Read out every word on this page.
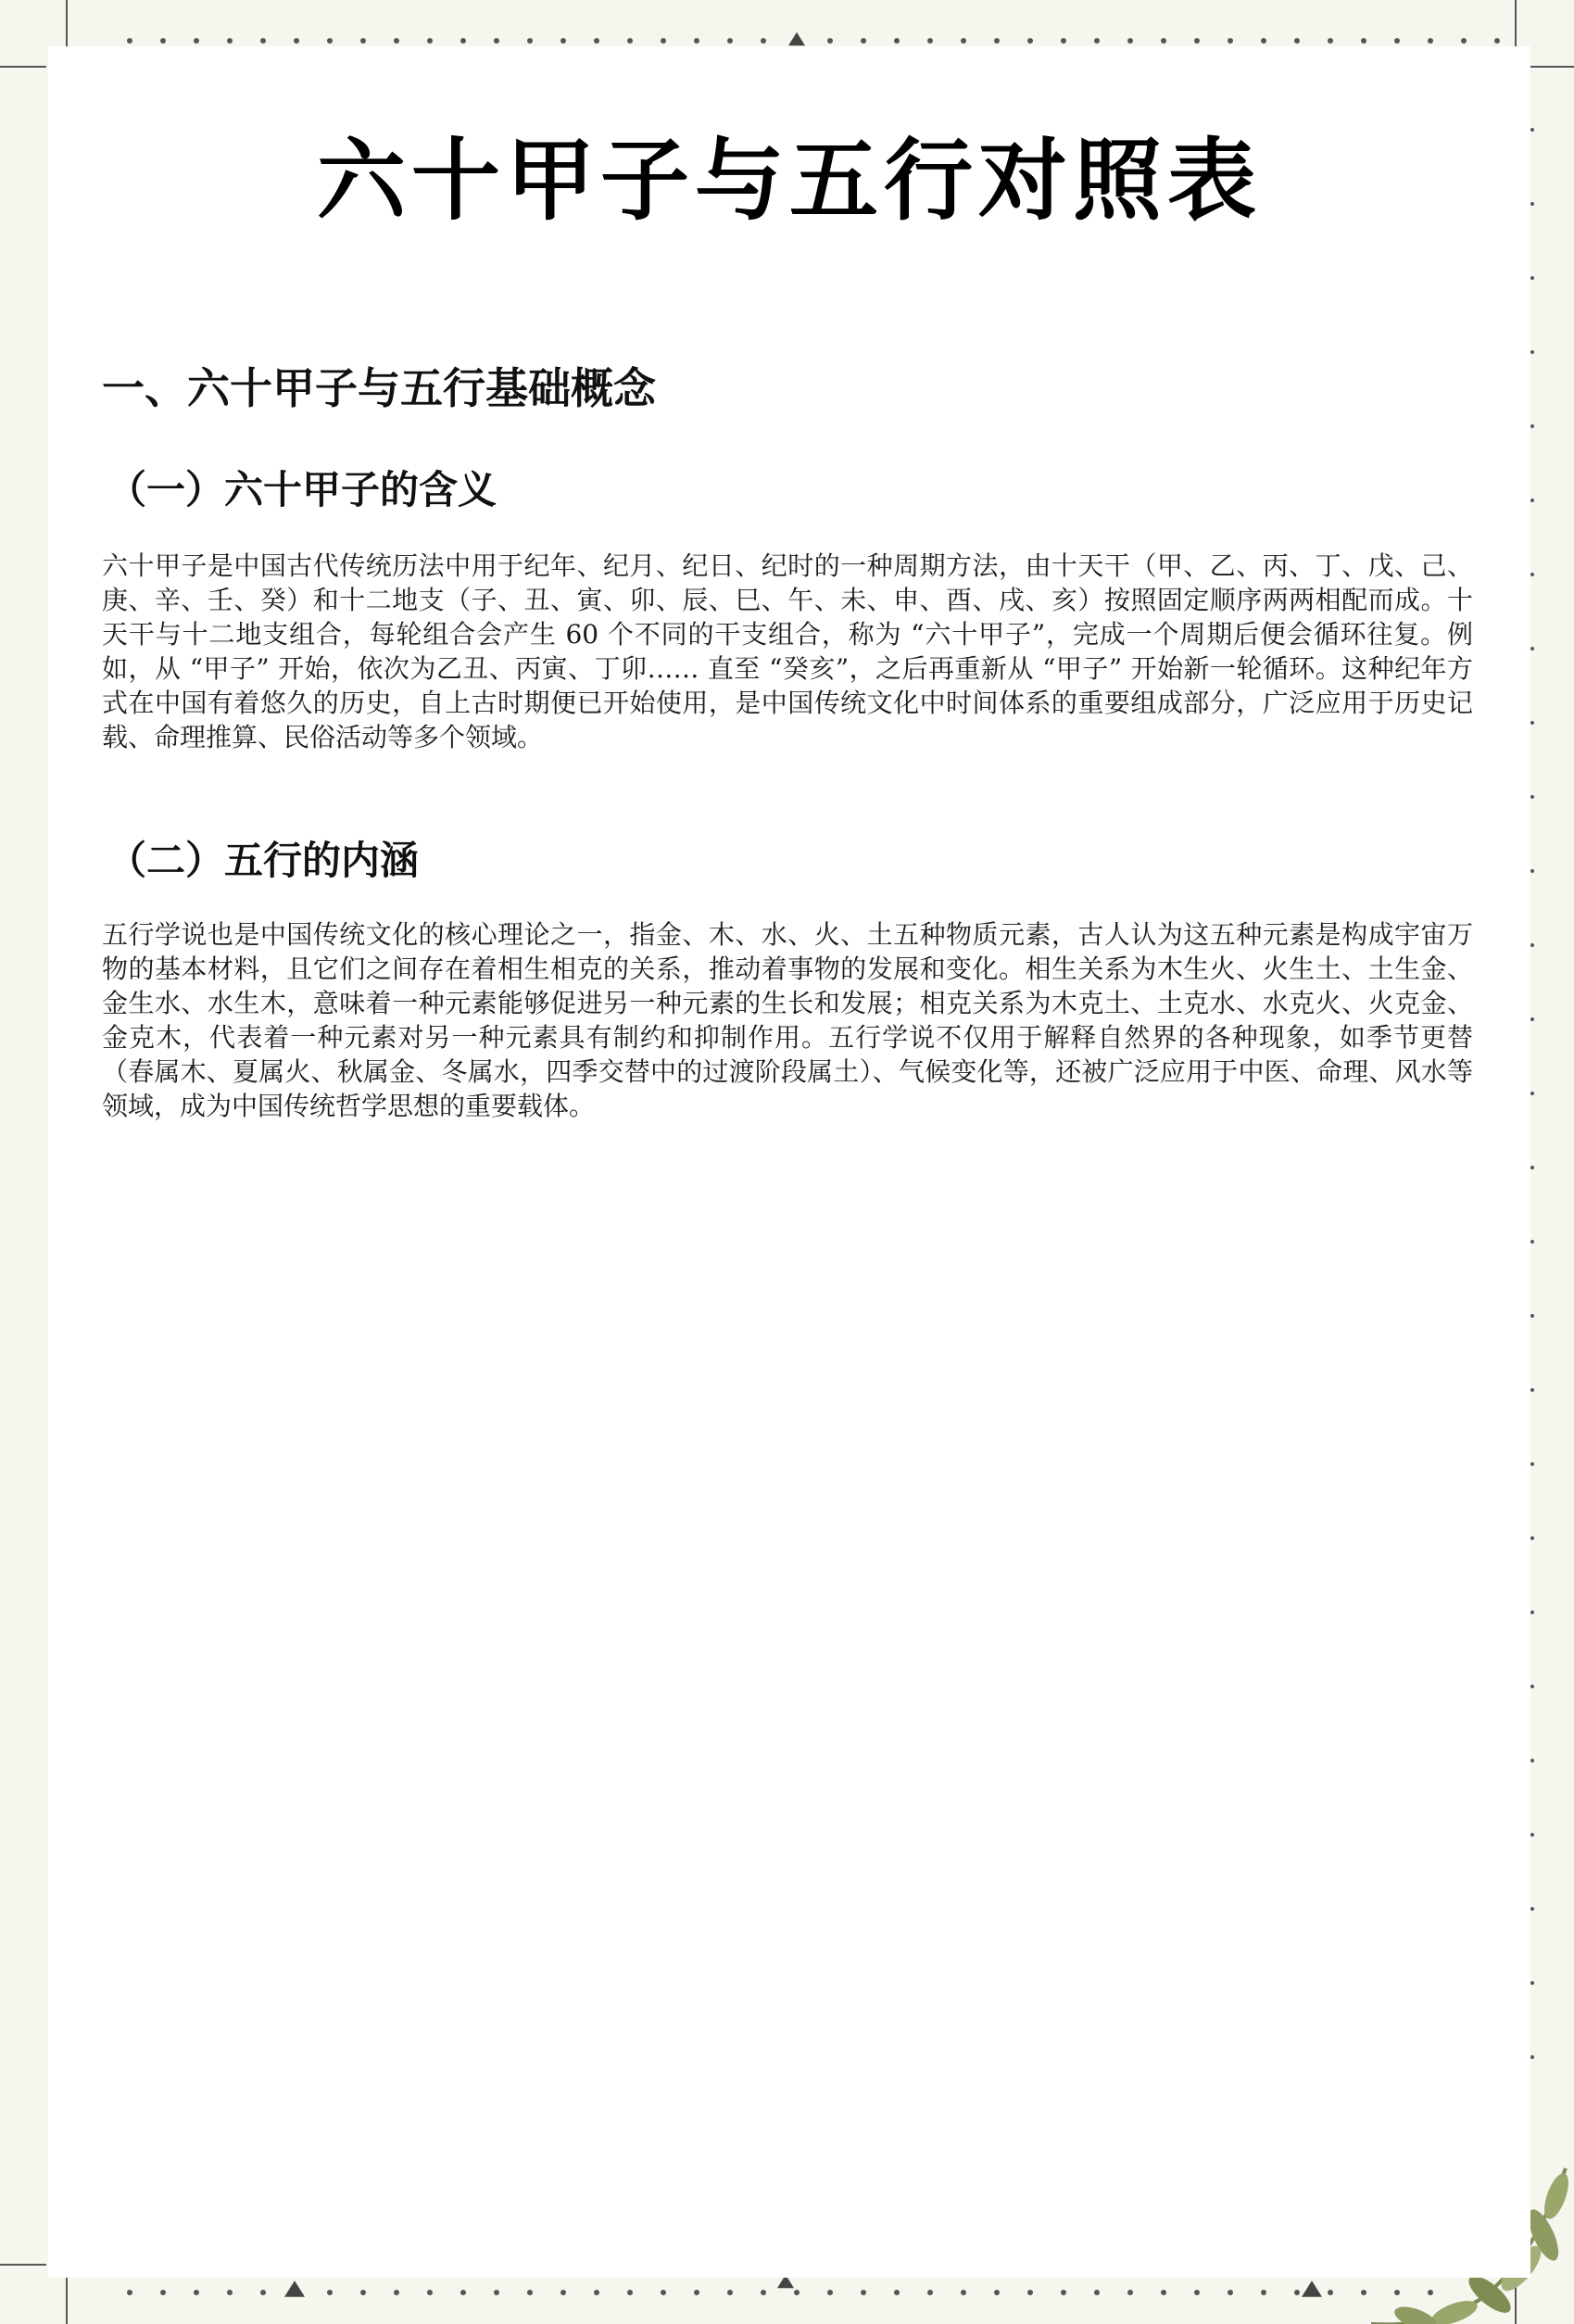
六十甲子与五行对照表
一、六十甲子与五行基础概念
（一）六十甲子的含义

六十甲子是中国古代传统历法中用于纪年、纪月、纪日、纪时的一种周期方法，由十天干（甲、乙、丙、丁、戊、己、庚、辛、壬、癸）和十二地支（子、丑、寅、卯、辰、巳、午、未、申、酉、戌、亥）按照固定顺序两两相配而成。十天干与十二地支组合，每轮组合会产生 60 个不同的干支组合，称为 “六十甲子”，完成一个周期后便会循环往复。例如，从 “甲子” 开始，依次为乙丑、丙寅、丁卯…… 直至 “癸亥”，之后再重新从 “甲子” 开始新一轮循环。这种纪年方式在中国有着悠久的历史，自上古时期便已开始使用，是中国传统文化中时间体系的重要组成部分，广泛应用于历史记载、命理推算、民俗活动等多个领域。

（二）五行的内涵

五行学说也是中国传统文化的核心理论之一，指金、木、水、火、土五种物质元素，古人认为这五种元素是构成宇宙万物的基本材料，且它们之间存在着相生相克的关系，推动着事物的发展和变化。相生关系为木生火、火生土、土生金、金生水、水生木，意味着一种元素能够促进另一种元素的生长和发展；相克关系为木克土、土克水、水克火、火克金、金克木，代表着一种元素对另一种元素具有制约和抑制作用。五行学说不仅用于解释自然界的各种现象，如季节更替（春属木、夏属火、秋属金、冬属水，四季交替中的过渡阶段属土）、气候变化等，还被广泛应用于中医、命理、风水等领域，成为中国传统哲学思想的重要载体。
